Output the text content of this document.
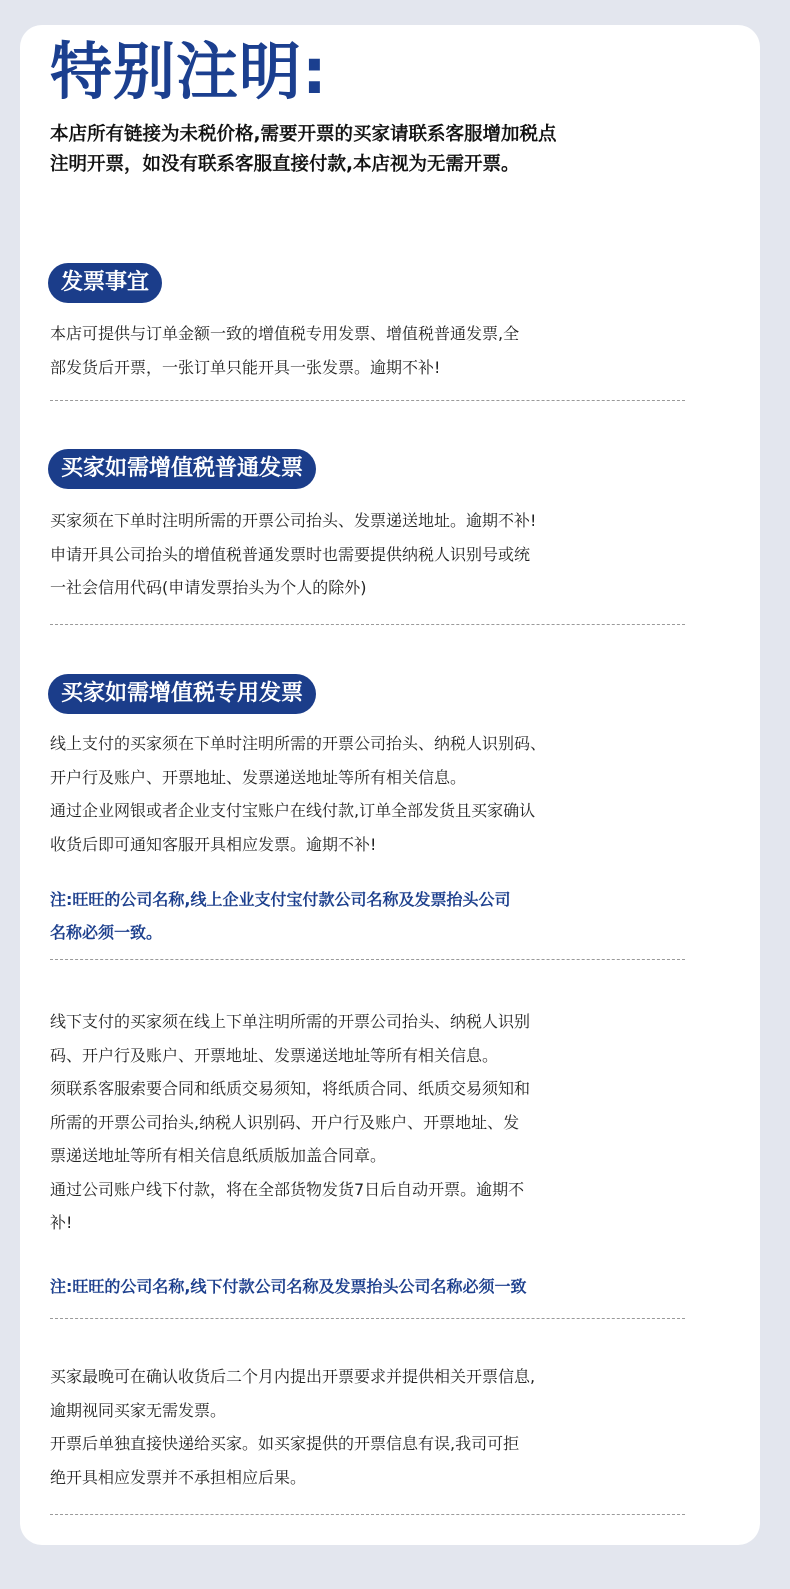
特别注明:
本店所有链接为未税价格,需要开票的买家请联系客服增加税点
注明开票，如没有联系客服直接付款,本店视为无需开票。
发票事宜
本店可提供与订单金额一致的增值税专用发票、增值税普通发票,全
部发货后开票，一张订单只能开具一张发票。逾期不补!
买家如需增值税普通发票
买家须在下单时注明所需的开票公司抬头、发票递送地址。逾期不补!
申请开具公司抬头的增值税普通发票时也需要提供纳税人识别号或统
一社会信用代码(申请发票抬头为个人的除外)
买家如需增值税专用发票
线上支付的买家须在下单时注明所需的开票公司抬头、纳税人识别码、
开户行及账户、开票地址、发票递送地址等所有相关信息。
通过企业网银或者企业支付宝账户在线付款,订单全部发货且买家确认
收货后即可通知客服开具相应发票。逾期不补!
注:旺旺的公司名称,线上企业支付宝付款公司名称及发票抬头公司
名称必须一致。
线下支付的买家须在线上下单注明所需的开票公司抬头、纳税人识别
码、开户行及账户、开票地址、发票递送地址等所有相关信息。
须联系客服索要合同和纸质交易须知，将纸质合同、纸质交易须知和
所需的开票公司抬头,纳税人识别码、开户行及账户、开票地址、发
票递送地址等所有相关信息纸质版加盖合同章。
通过公司账户线下付款，将在全部货物发货7日后自动开票。逾期不
补!
注:旺旺的公司名称,线下付款公司名称及发票抬头公司名称必须一致
买家最晚可在确认收货后二个月内提出开票要求并提供相关开票信息,
逾期视同买家无需发票。
开票后单独直接快递给买家。如买家提供的开票信息有误,我司可拒
绝开具相应发票并不承担相应后果。
